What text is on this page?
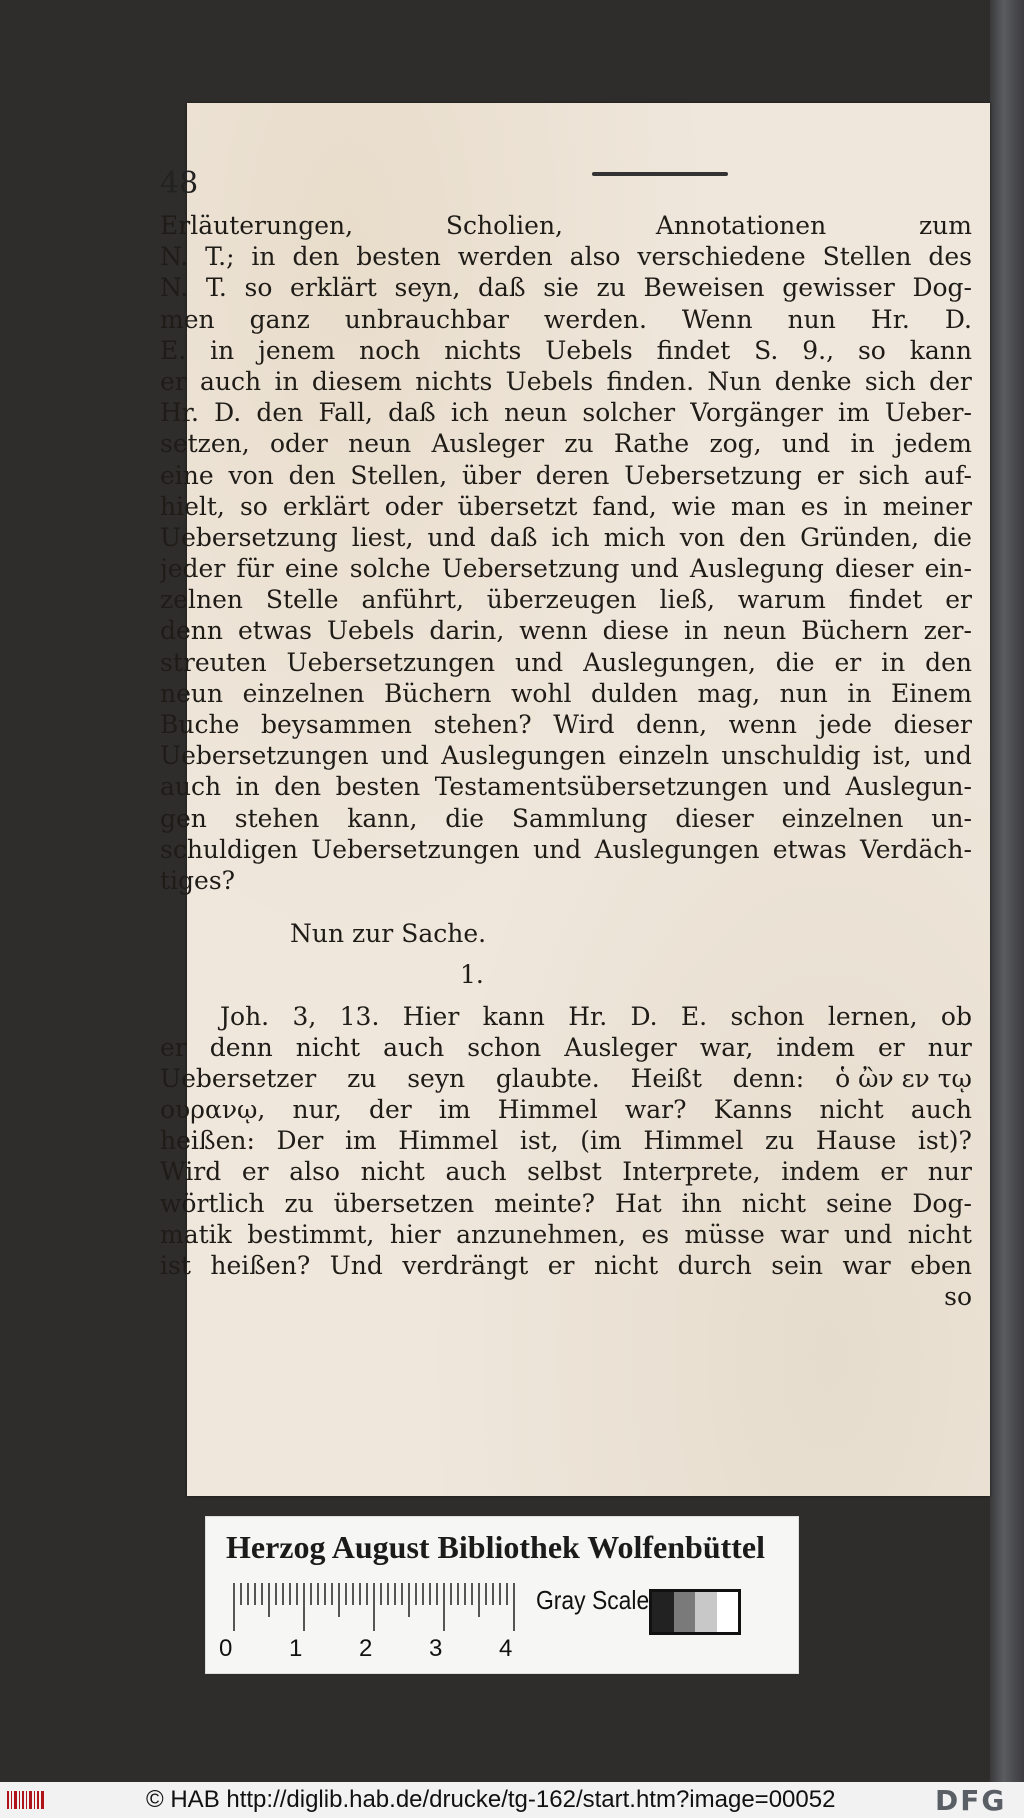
48
Erläuterungen,	Scholien,	Annotationen	zum
N. T.; in den besten werden also verschiedene Stellen des
N. T. so erklärt seyn, daß sie zu Beweisen gewisser Dog-
men ganz unbrauchbar werden. Wenn nun Hr. D.
E. in jenem noch nichts Uebels findet S. 9., so kann
er auch in diesem nichts Uebels finden. Nun denke sich der
Hr. D. den Fall, daß ich neun solcher Vorgänger im Ueber-
setzen, oder neun Ausleger zu Rathe zog, und in jedem
eine von den Stellen, über deren Uebersetzung er sich auf-
hielt, so erklärt oder übersetzt fand, wie man es in meiner
Uebersetzung liest, und daß ich mich von den Gründen, die
jeder für eine solche Uebersetzung und Auslegung dieser ein-
zelnen Stelle anführt, überzeugen ließ, warum findet er
denn etwas Uebels darin, wenn diese in neun Büchern zer-
streuten Uebersetzungen und Auslegungen, die er in den
neun einzelnen Büchern wohl dulden mag, nun in Einem
Buche beysammen stehen? Wird denn, wenn jede dieser
Uebersetzungen und Auslegungen einzeln unschuldig ist, und
auch in den besten Testamentsübersetzungen und Auslegun-
gen stehen kann, die Sammlung dieser einzelnen un-
schuldigen Uebersetzungen und Auslegungen etwas Verdäch-
tiges?
Nun zur Sache.
1.
Joh. 3, 13. Hier kann Hr. D. E. schon lernen, ob
er denn nicht auch schon Ausleger war, indem er nur
Uebersetzer zu seyn glaubte. Heißt denn: ὁ ὢν εν τῳ
ουρανῳ, nur, der im Himmel war? Kanns nicht auch
heißen: Der im Himmel ist, (im Himmel zu Hause ist)?
Wird er also nicht auch selbst Interprete, indem er nur
wörtlich zu übersetzen meinte? Hat ihn nicht seine Dog-
matik bestimmt, hier anzunehmen, es müsse war und nicht
ist heißen? Und verdrängt er nicht durch sein war eben
so
Herzog August Bibliothek Wolfenbüttel
0 1 2 3 4
Gray Scale
© HAB http://diglib.hab.de/drucke/tg-162/start.htm?image=00052	DFG
